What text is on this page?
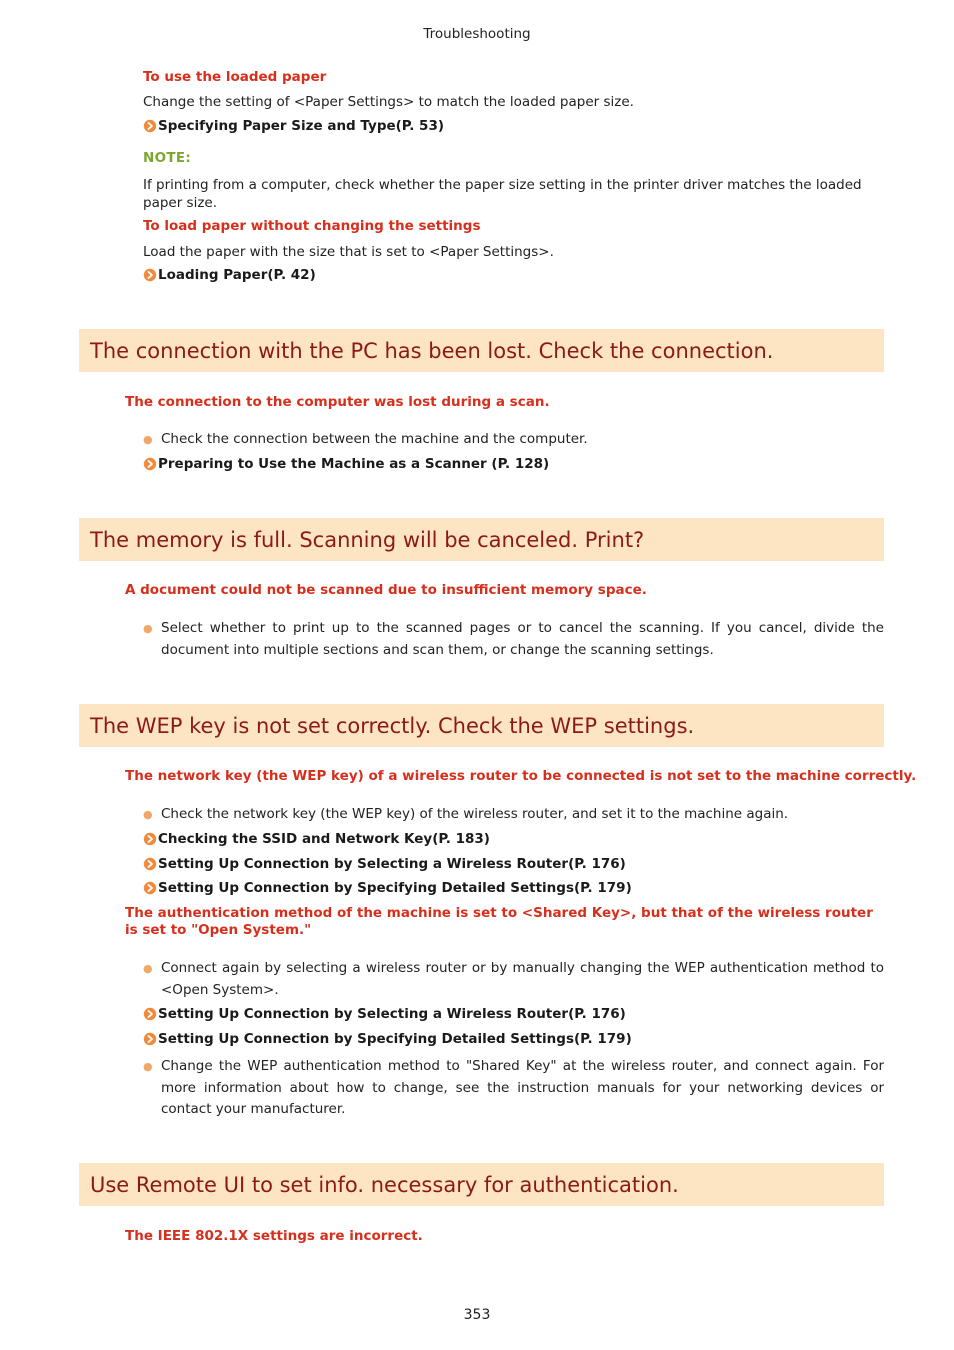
Troubleshooting
To use the loaded paper
Change the setting of <Paper Settings> to match the loaded paper size.
Specifying Paper Size and Type(P. 53)
NOTE:
If printing from a computer, check whether the paper size setting in the printer driver matches the loaded paper size.
To load paper without changing the settings
Load the paper with the size that is set to <Paper Settings>.
Loading Paper(P. 42)
The connection with the PC has been lost. Check the connection.
The connection to the computer was lost during a scan.
● Check the connection between the machine and the computer.
Preparing to Use the Machine as a Scanner (P. 128)
The memory is full. Scanning will be canceled. Print?
A document could not be scanned due to insufficient memory space.
● Select whether to print up to the scanned pages or to cancel the scanning. If you cancel, divide the document into multiple sections and scan them, or change the scanning settings.
The WEP key is not set correctly. Check the WEP settings.
The network key (the WEP key) of a wireless router to be connected is not set to the machine correctly.
● Check the network key (the WEP key) of the wireless router, and set it to the machine again.
Checking the SSID and Network Key(P. 183)
Setting Up Connection by Selecting a Wireless Router(P. 176)
Setting Up Connection by Specifying Detailed Settings(P. 179)
The authentication method of the machine is set to <Shared Key>, but that of the wireless router is set to "Open System."
● Connect again by selecting a wireless router or by manually changing the WEP authentication method to <Open System>.
Setting Up Connection by Selecting a Wireless Router(P. 176)
Setting Up Connection by Specifying Detailed Settings(P. 179)
● Change the WEP authentication method to "Shared Key" at the wireless router, and connect again. For more information about how to change, see the instruction manuals for your networking devices or contact your manufacturer.
Use Remote UI to set info. necessary for authentication.
The IEEE 802.1X settings are incorrect.
353
